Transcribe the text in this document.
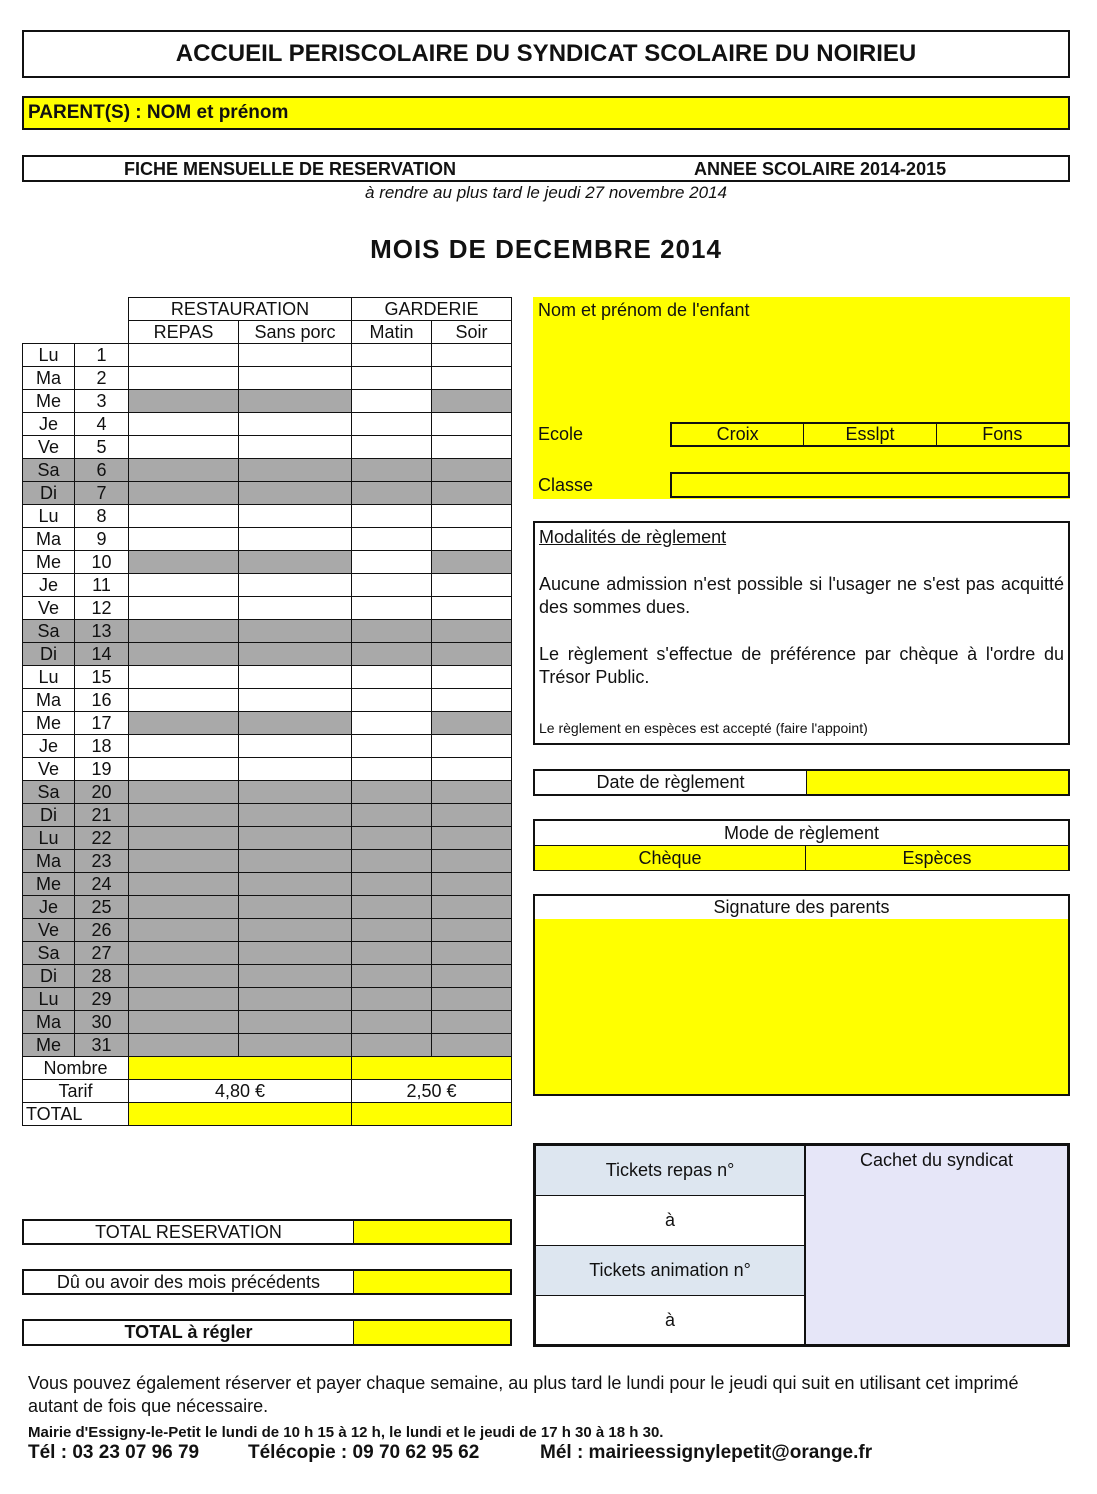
ACCUEIL PERISCOLAIRE DU SYNDICAT SCOLAIRE DU NOIRIEU
PARENT(S) : NOM et prénom
FICHE MENSUELLE DE RESERVATION	ANNEE SCOLAIRE 2014-2015
à rendre au plus tard le jeudi 27 novembre 2014
MOIS DE DECEMBRE 2014
		RESTAURATION		GARDERIE	
		REPAS	Sans porc	Matin	Soir
Lu	1				
Ma	2				
Me	3				
Je	4				
Ve	5				
Sa	6				
Di	7				
Lu	8				
Ma	9				
Me	10				
Je	11				
Ve	12				
Sa	13				
Di	14				
Lu	15				
Ma	16				
Me	17				
Je	18				
Ve	19				
Sa	20				
Di	21				
Lu	22				
Ma	23				
Me	24				
Je	25				
Ve	26				
Sa	27				
Di	28				
Lu	29				
Ma	30				
Me	31				
Nombre					
Tarif		4,80 €		2,50 €	
TOTAL					
TOTAL RESERVATION
Dû ou avoir des mois précédents
TOTAL à régler
Nom et prénom de l'enfant
Ecole	Croix	Esslpt	Fons
Classe

Modalités de règlement

Aucune admission n'est possible si l'usager ne s'est pas acquitté des sommes dues.

Le règlement s'effectue de préférence par chèque à l'ordre du Trésor Public.

Le règlement en espèces est accepté (faire l'appoint)

Date de règlement
Mode de règlement
Chèque	Espèces
Signature des parents
Tickets repas n°
à
Tickets animation n°
à
Cachet du syndicat
Vous pouvez également réserver et payer chaque semaine, au plus tard le lundi pour le jeudi qui suit en utilisant cet imprimé autant de fois que nécessaire.
Mairie d'Essigny-le-Petit le lundi de 10 h 15 à 12 h, le lundi et le jeudi de 17 h 30 à 18 h 30.
Tél : 03 23 07 96 79	Télécopie : 09 70 62 95 62	Mél : mairieessignylepetit@orange.fr
